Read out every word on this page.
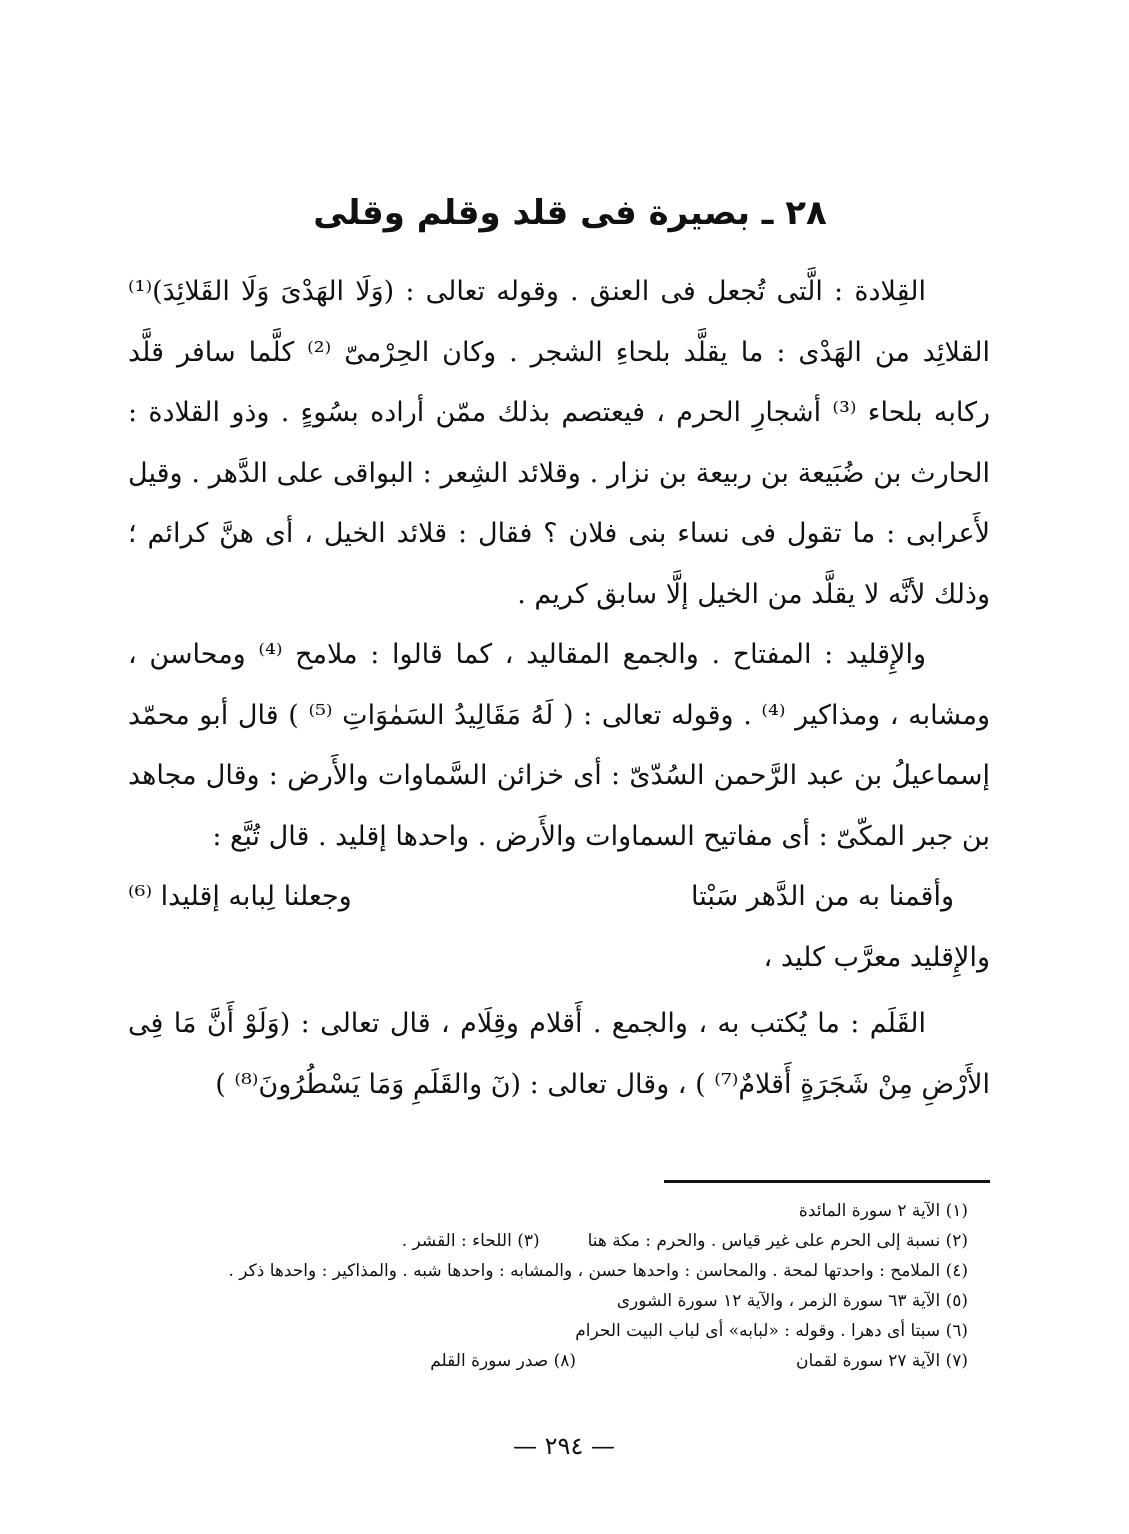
٢٨ ـ بصيرة فى قلد وقلم وقلى

القِلادة : الَّتى تُجعل فى العنق . وقوله تعالى : (وَلَا الهَدْىَ وَلَا القَلائِدَ)⁽¹⁾ القلائِد من الهَدْى : ما يقلَّد بلحاءِ الشجر . وكان الحِرْمىّ ⁽²⁾ كلَّما سافر قلَّد ركابه بلحاء ⁽³⁾ أشجارِ الحرم ، فيعتصم بذلك ممّن أراده بسُوءٍ . وذو القلادة : الحارث بن ضُبَيعة بن ربيعة بن نزار . وقلائد الشِعر : البواقى على الدَّهر . وقيل لأَعرابى : ما تقول فى نساء بنى فلان ؟ فقال : قلائد الخيل ، أى هنَّ كرائم ؛ وذلك لأنَّه لا يقلَّد من الخيل إلَّا سابق كريم .

والإِقليد : المفتاح . والجمع المقاليد ، كما قالوا : ملامح ⁽⁴⁾ ومحاسن ، ومشابه ، ومذاكير ⁽⁴⁾ . وقوله تعالى : ( لَهُ مَقَالِيدُ السَمٰوَاتِ ⁽⁵⁾ ) قال أبو محمّد إسماعيلُ بن عبد الرَّحمن السُدّىّ : أى خزائن السَّماوات والأَرض : وقال مجاهد بن جبر المكّىّ : أى مفاتيح السماوات والأَرض . واحدها إقليد . قال تُبَّع :

وأقمنا به من الدَّهر سَبْتا
وجعلنا لِبابه إقليدا ⁽⁶⁾

والإِقليد معرَّب كليد ،

القَلَم : ما يُكتب به ، والجمع . أَقلام وقِلَام ، قال تعالى : (وَلَوْ أَنَّ مَا فِى الأَرْضِ مِنْ شَجَرَةٍ أَقلامٌ⁽⁷⁾ ) ، وقال تعالى : (نٓ والقَلَمِ وَمَا يَسْطُرُونَ⁽⁸⁾ )

(١) الآية ٢ سورة المائدة
(٢) نسبة إلى الحرم على غير قياس . والحرم : مكة هنا
(٣) اللحاء : القشر .
(٤) الملامح : واحدتها لمحة . والمحاسن : واحدها حسن ، والمشابه : واحدها شبه . والمذاكير : واحدها ذكر .
(٥) الآية ٦٣ سورة الزمر ، والآية ١٢ سورة الشورى
(٦) سبتا أى دهرا . وقوله : «لبابه» أى لباب البيت الحرام
(٧) الآية ٢٧ سورة لقمان
(٨) صدر سورة القلم
— ٢٩٤ —
